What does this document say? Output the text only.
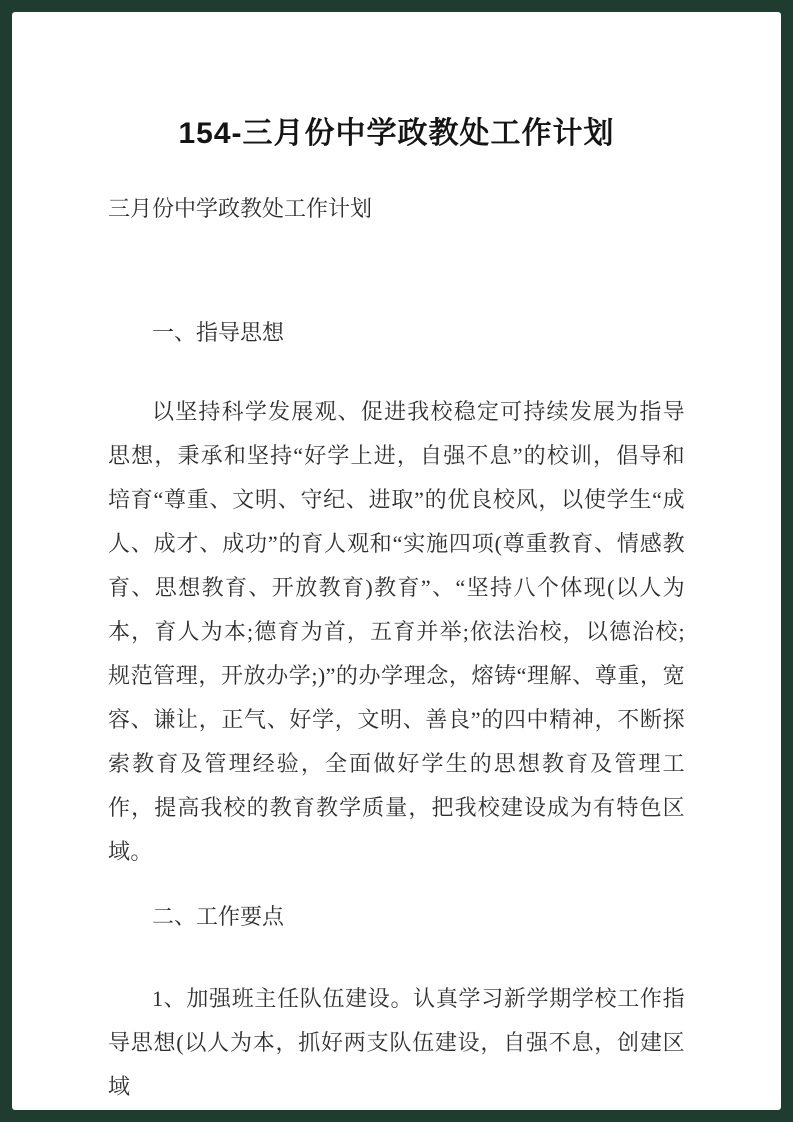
154-三月份中学政教处工作计划

三月份中学政教处工作计划

一、指导思想

以坚持科学发展观、促进我校稳定可持续发展为指导思想，秉承和坚持“好学上进，自强不息”的校训，倡导和培育“尊重、文明、守纪、进取”的优良校风，以使学生“成人、成才、成功”的育人观和“实施四项(尊重教育、情感教育、思想教育、开放教育)教育”、“坚持八个体现(以人为本，育人为本;德育为首，五育并举;依法治校，以德治校;规范管理，开放办学;)”的办学理念，熔铸“理解、尊重，宽容、谦让，正气、好学，文明、善良”的四中精神，不断探索教育及管理经验，全面做好学生的思想教育及管理工作，提高我校的教育教学质量，把我校建设成为有特色区域。

二、工作要点

1、加强班主任队伍建设。认真学习新学期学校工作指导思想(以人为本，抓好两支队伍建设，自强不息，创建区域
